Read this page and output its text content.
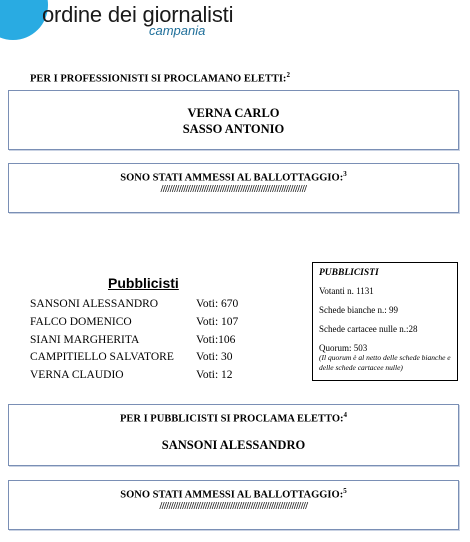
ordine dei giornalisti
campania
PER I PROFESSIONISTI SI PROCLAMANO ELETTI:$^2$
VERNA CARLO
SASSO ANTONIO
SONO STATI AMMESSI AL BALLOTTAGGIO:$^3$
////////////////////////////////////////////////////////////////
Pubblicisti
SANSONI ALESSANDRO	Voti: 670
FALCO DOMENICO	Voti: 107
SIANI MARGHERITA	Voti:106
CAMPITIELLO SALVATORE Voti: 30
VERNA CLAUDIO	Voti: 12
PUBBLICISTI
Votanti n. 1131
Schede bianche n.: 99
Schede cartacee nulle n.:28
Quorum: 503
(Il quorum è al netto delle schede bianche e delle schede cartacee nulle)
PER I PUBBLICISTI SI PROCLAMA ELETTO:$^4$
SANSONI ALESSANDRO
SONO STATI AMMESSI AL BALLOTTAGGIO:$^5$
/////////////////////////////////////////////////////////////////
